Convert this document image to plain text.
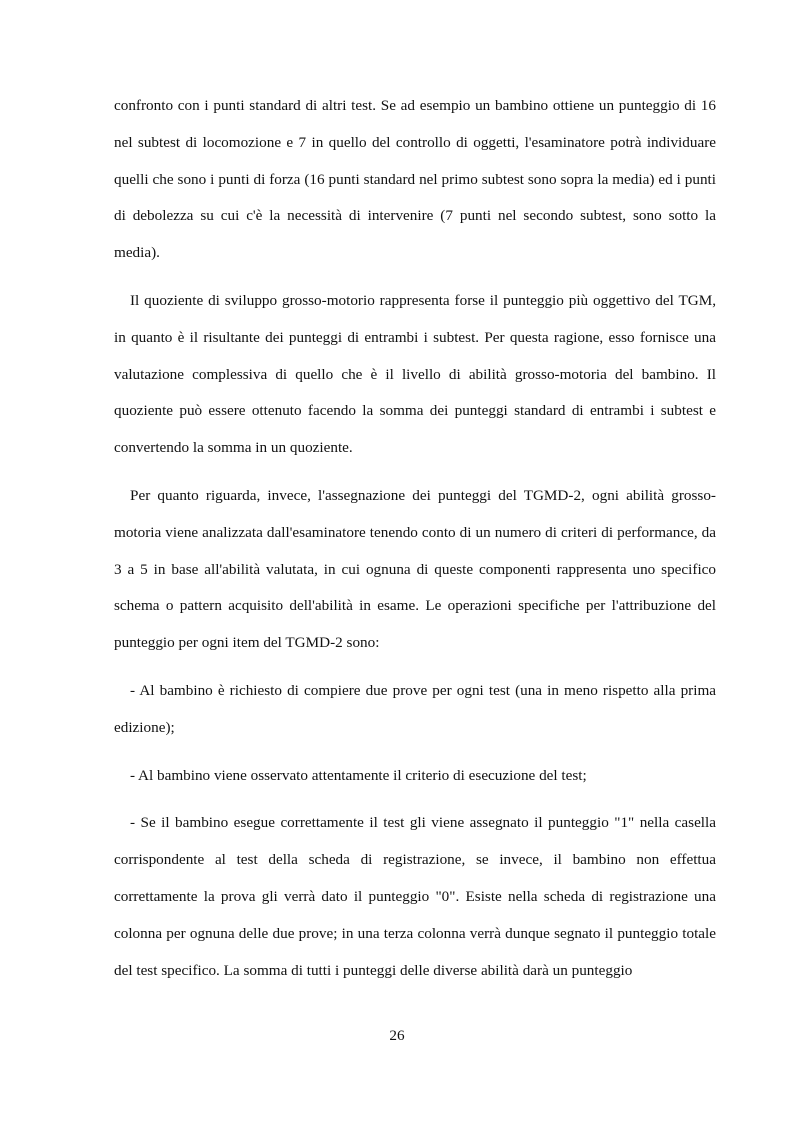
confronto con i punti standard di altri test. Se ad esempio un bambino ottiene un punteggio di 16 nel subtest di locomozione e 7 in quello del controllo di oggetti, l'esaminatore potrà individuare quelli che sono i punti di forza (16 punti standard nel primo subtest sono sopra la media) ed i punti di debolezza su cui c'è la necessità di intervenire (7 punti nel secondo subtest, sono sotto la media).

Il quoziente di sviluppo grosso-motorio rappresenta forse il punteggio più oggettivo del TGM, in quanto è il risultante dei punteggi di entrambi i subtest. Per questa ragione, esso fornisce una valutazione complessiva di quello che è il livello di abilità grosso-motoria del bambino. Il quoziente può essere ottenuto facendo la somma dei punteggi standard di entrambi i subtest e convertendo la somma in un quoziente.

Per quanto riguarda, invece, l'assegnazione dei punteggi del TGMD-2, ogni abilità grosso-motoria viene analizzata dall'esaminatore tenendo conto di un numero di criteri di performance, da 3 a 5 in base all'abilità valutata, in cui ognuna di queste componenti rappresenta uno specifico schema o pattern acquisito dell'abilità in esame. Le operazioni specifiche per l'attribuzione del punteggio per ogni item del TGMD-2 sono:

- Al bambino è richiesto di compiere due prove per ogni test (una in meno rispetto alla prima edizione);

- Al bambino viene osservato attentamente il criterio di esecuzione del test;

- Se il bambino esegue correttamente il test gli viene assegnato il punteggio "1" nella casella corrispondente al test della scheda di registrazione, se invece, il bambino non effettua correttamente la prova gli verrà dato il punteggio "0". Esiste nella scheda di registrazione una colonna per ognuna delle due prove; in una terza colonna verrà dunque segnato il punteggio totale del test specifico. La somma di tutti i punteggi delle diverse abilità darà un punteggio

26
